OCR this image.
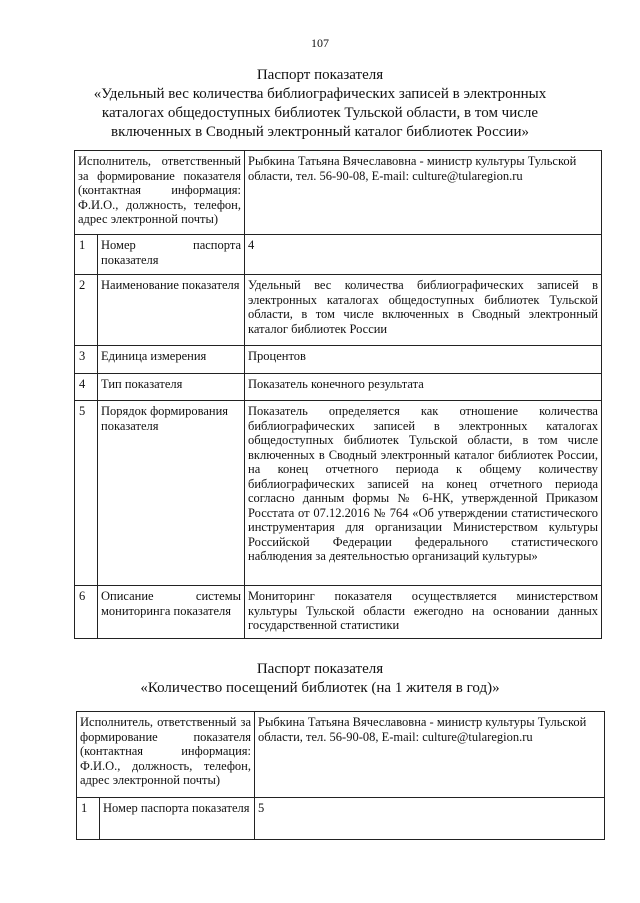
107
Паспорт показателя
«Удельный вес количества библиографических записей в электронных
каталогах общедоступных библиотек Тульской области, в том числе
включенных в Сводный электронный каталог библиотек России»
Исполнитель, ответственный за формирование показателя (контактная информация: Ф.И.О., должность, телефон, адрес электронной почты)		Рыбкина Татьяна Вячеславовна - министр культуры Тульской области, тел. 56-90-08, E-mail: culture@tularegion.ru
1	Номер паспорта показателя	4
2	Наименование показателя	Удельный вес количества библиографических записей в электронных каталогах общедоступных библиотек Тульской области, в том числе включенных в Сводный электронный каталог библиотек России
3	Единица измерения	Процентов
4	Тип показателя	Показатель конечного результата
5	Порядок формирования показателя	Показатель определяется как отношение количества библиографических записей в электронных каталогах общедоступных библиотек Тульской области, в том числе включенных в Сводный электронный каталог библиотек России, на конец отчетного периода к общему количеству библиографических записей на конец отчетного периода согласно данным формы № 6-НК, утвержденной Приказом Росстата от 07.12.2016 № 764 «Об утверждении статистического инструментария для организации Министерством культуры Российской Федерации федерального статистического наблюдения за деятельностью организаций культуры»
6	Описание системы мониторинга показателя	Мониторинг показателя осуществляется министерством культуры Тульской области ежегодно на основании данных государственной статистики
Паспорт показателя
«Количество посещений библиотек (на 1 жителя в год)»
Исполнитель, ответственный за формирование показателя (контактная информация: Ф.И.О., должность, телефон, адрес электронной почты)		Рыбкина Татьяна Вячеславовна - министр культуры Тульской области, тел. 56-90-08, E-mail: culture@tularegion.ru
1	Номер паспорта показателя	5
